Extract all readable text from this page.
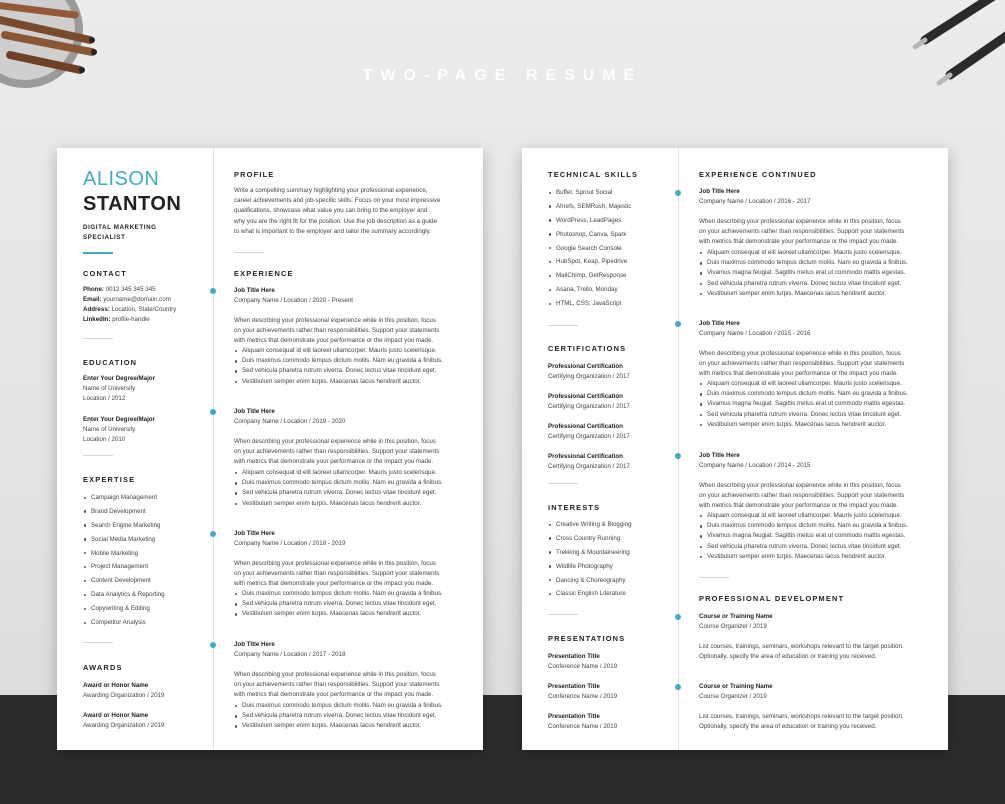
TWO-PAGE RESUME
ALISON
STANTON
DIGITAL MARKETING
SPECIALIST
CONTACT
Phone: 0012 345 345 345
Email: yourname@domain.com
Address: Location, State/Country
LinkedIn: profile-handle
EDUCATION
Enter Your Degree/Major
Name of University
Location / 2012
Enter Your Degree/Major
Name of University
Location / 2010
EXPERTISE
Campaign Management
Brand Development
Search Engine Marketing
Social Media Marketing
Mobile Marketing
Project Management
Content Development
Data Analytics & Reporting
Copywriting & Editing
Competitor Analysis
AWARDS
Award or Honor Name
Awarding Organization / 2019
Award or Honor Name
Awarding Organization / 2019
PROFILE
Write a compelling summary highlighting your professional experience,
career achievements and job-specific skills. Focus on your most impressive
qualifications, showcase what value you can bring to the employer and
why you are the right fit for the position. Use the job description as a guide
to what is important to the employer and tailor the summary accordingly.
EXPERIENCE
Job Title Here
Company Name / Location / 2020 - Present
When describing your professional experience while in this position, focus
on your achievements rather than responsibilities. Support your statements
with metrics that demonstrate your performance or the impact you made.
Aliquam consequat id elit laoreet ullamcorper. Mauris justo scelerisque.
Duis maximus commodo tempus dictum mollis. Nam eu gravida a finibus.
Sed vehicula pharetra rutrum viverra. Donec lectus vitae tincidunt eget.
Vestibulum semper enim turpis. Maecenas lacus hendrerit auctor.
Job Title Here
Company Name / Location / 2019 - 2020
When describing your professional experience while in this position, focus
on your achievements rather than responsibilities. Support your statements
with metrics that demonstrate your performance or the impact you made.
Aliquam consequat id elit laoreet ullamcorper. Mauris justo scelerisque.
Duis maximus commodo tempus dictum mollis. Nam eu gravida a finibus.
Sed vehicula pharetra rutrum viverra. Donec lectus vitae tincidunt eget.
Vestibulum semper enim turpis. Maecenas lacus hendrerit auctor.
Job Title Here
Company Name / Location / 2018 - 2019
When describing your professional experience while in this position, focus
on your achievements rather than responsibilities. Support your statements
with metrics that demonstrate your performance or the impact you made.
Duis maximus commodo tempus dictum mollis. Nam eu gravida a finibus.
Sed vehicula pharetra rutrum viverra. Donec lectus vitae tincidunt eget.
Vestibulum semper enim turpis. Maecenas lacus hendrerit auctor.
Job Title Here
Company Name / Location / 2017 - 2018
When describing your professional experience while in this position, focus
on your achievements rather than responsibilities. Support your statements
with metrics that demonstrate your performance or the impact you made.
Duis maximus commodo tempus dictum mollis. Nam eu gravida a finibus.
Sed vehicula pharetra rutrum viverra. Donec lectus vitae tincidunt eget.
Vestibulum semper enim turpis. Maecenas lacus hendrerit auctor.
TECHNICAL SKILLS
Buffer, Sprout Social
Ahrefs, SEMRush, Majestic
WordPress, LeadPages
Photoshop, Canva, Spark
Google Search Console
HubSpot, Keap, Pipedrive
MailChimp, GetResponse
Asana, Trello, Monday
HTML, CSS, JavaScript
CERTIFICATIONS
Professional Certification
Certifying Organization / 2017
Professional Certification
Certifying Organization / 2017
Professional Certification
Certifying Organization / 2017
Professional Certification
Certifying Organization / 2017
INTERESTS
Creative Writing & Blogging
Cross Country Running
Trekking & Mountaineering
Wildlife Photography
Dancing & Choreography
Classic English Literature
PRESENTATIONS
Presentation Title
Conference Name / 2019
Presentation Title
Conference Name / 2019
Presentation Title
Conference Name / 2019
EXPERIENCE CONTINUED
Job Title Here
Company Name / Location / 2016 - 2017
When describing your professional experience while in this position, focus
on your achievements rather than responsibilities. Support your statements
with metrics that demonstrate your performance or the impact you made.
Aliquam consequat id elit laoreet ullamcorper. Mauris justo scelerisque.
Duis maximus commodo tempus dictum mollis. Nam eu gravida a finibus.
Vivamus magna feugiat. Sagittis metus erat ut commodo mattis egestas.
Sed vehicula pharetra rutrum viverra. Donec lectus vitae tincidunt eget.
Vestibulum semper enim turpis. Maecenas lacus hendrerit auctor.
Job Title Here
Company Name / Location / 2015 - 2016
When describing your professional experience while in this position, focus
on your achievements rather than responsibilities. Support your statements
with metrics that demonstrate your performance or the impact you made.
Aliquam consequat id elit laoreet ullamcorper. Mauris justo scelerisque.
Duis maximus commodo tempus dictum mollis. Nam eu gravida a finibus.
Vivamus magna feugiat. Sagittis metus erat ut commodo mattis egestas.
Sed vehicula pharetra rutrum viverra. Donec lectus vitae tincidunt eget.
Vestibulum semper enim turpis. Maecenas lacus hendrerit auctor.
Job Title Here
Company Name / Location / 2014 - 2015
When describing your professional experience while in this position, focus
on your achievements rather than responsibilities. Support your statements
with metrics that demonstrate your performance or the impact you made.
Aliquam consequat id elit laoreet ullamcorper. Mauris justo scelerisque.
Duis maximus commodo tempus dictum mollis. Nam eu gravida a finibus.
Vivamus magna feugiat. Sagittis metus erat ut commodo mattis egestas.
Sed vehicula pharetra rutrum viverra. Donec lectus vitae tincidunt eget.
Vestibulum semper enim turpis. Maecenas lacus hendrerit auctor.
PROFESSIONAL DEVELOPMENT
Course or Training Name
Course Organizer / 2019
List courses, trainings, seminars, workshops relevant to the target position.
Optionally, specify the area of education or training you received.
Course or Training Name
Course Organizer / 2019
List courses, trainings, seminars, workshops relevant to the target position.
Optionally, specify the area of education or training you received.
